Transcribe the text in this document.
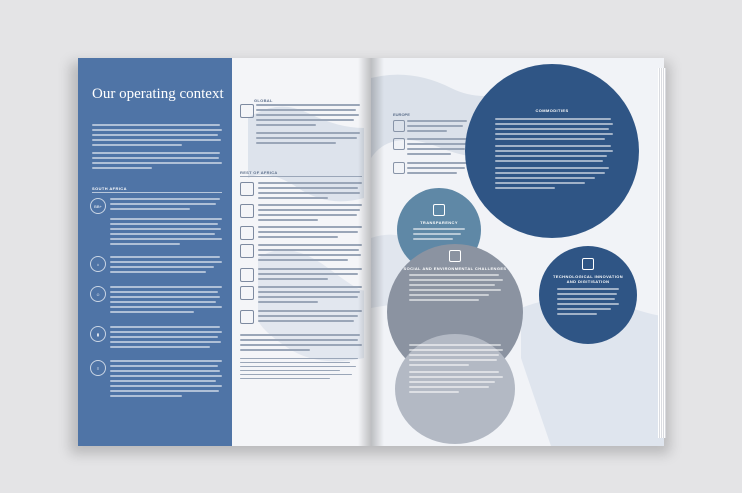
Our operating context
SOUTH AFRICA
BB+
⌂
☺
▮
≡
GLOBAL
REST OF AFRICA
EUROPE
COMMODITIES
TRANSPARENCY
SOCIAL AND ENVIRONMENTAL CHALLENGES
TECHNOLOGICAL INNOVATION AND DIGITISATION
